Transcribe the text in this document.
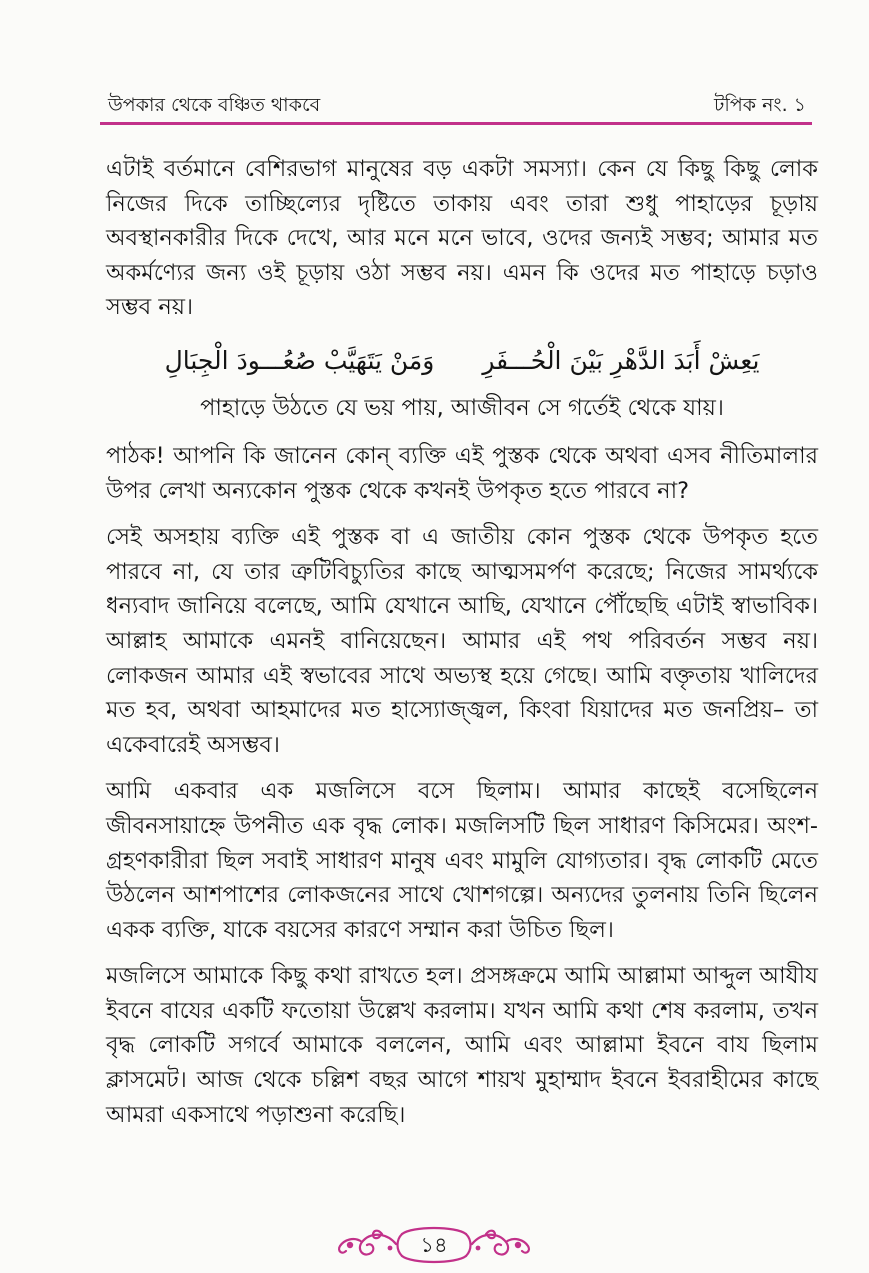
উপকার থেকে বঞ্চিত থাকবে	টপিক নং. ১

এটাই বর্তমানে বেশিরভাগ মানুষের বড় একটা সমস্যা। কেন যে কিছু কিছু লোক নিজের দিকে তাচ্ছিল্যের দৃষ্টিতে তাকায় এবং তারা শুধু পাহাড়ের চূড়ায় অবস্থানকারীর দিকে দেখে, আর মনে মনে ভাবে, ওদের জন্যই সম্ভব; আমার মত অকর্মণ্যের জন্য ওই চূড়ায় ওঠা সম্ভব নয়। এমন কি ওদের মত পাহাড়ে চড়াও সম্ভব নয়।

يَعِشْ أَبَدَ الدَّهْرِ بَيْنَ الْحُـــفَرِوَمَنْ يَتَهَيَّبْ صُعُـــودَ الْجِبَالِ
পাহাড়ে উঠতে যে ভয় পায়, আজীবন সে গর্তেই থেকে যায়।

পাঠক! আপনি কি জানেন কোন্ ব্যক্তি এই পুস্তক থেকে অথবা এসব নীতিমালার উপর লেখা অন্যকোন পুস্তক থেকে কখনই উপকৃত হতে পারবে না?

সেই অসহায় ব্যক্তি এই পুস্তক বা এ জাতীয় কোন পুস্তক থেকে উপকৃত হতে পারবে না, যে তার ত্রুটিবিচ্যুতির কাছে আত্মসমর্পণ করেছে; নিজের সামর্থ্যকে ধন্যবাদ জানিয়ে বলেছে, আমি যেখানে আছি, যেখানে পৌঁছেছি এটাই স্বাভাবিক। আল্লাহ আমাকে এমনই বানিয়েছেন। আমার এই পথ পরিবর্তন সম্ভব নয়। লোকজন আমার এই স্বভাবের সাথে অভ্যস্থ হয়ে গেছে। আমি বক্তৃতায় খালিদের মত হব, অথবা আহমাদের মত হাস্যোজ্জ্বল, কিংবা যিয়াদের মত জনপ্রিয়– তা একেবারেই অসম্ভব।

আমি একবার এক মজলিসে বসে ছিলাম। আমার কাছেই বসেছিলেন জীবনসায়াহ্নে উপনীত এক বৃদ্ধ লোক। মজলিসটি ছিল সাধারণ কিসিমের। অংশ-গ্রহণকারীরা ছিল সবাই সাধারণ মানুষ এবং মামুলি যোগ্যতার। বৃদ্ধ লোকটি মেতে উঠলেন আশপাশের লোকজনের সাথে খোশগল্পে। অন্যদের তুলনায় তিনি ছিলেন একক ব্যক্তি, যাকে বয়সের কারণে সম্মান করা উচিত ছিল।

মজলিসে আমাকে কিছু কথা রাখতে হল। প্রসঙ্গক্রমে আমি আল্লামা আব্দুল আযীয ইবনে বাযের একটি ফতোয়া উল্লেখ করলাম। যখন আমি কথা শেষ করলাম, তখন বৃদ্ধ লোকটি সগর্বে আমাকে বললেন, আমি এবং আল্লামা ইবনে বায ছিলাম ক্লাসমেট। আজ থেকে চল্লিশ বছর আগে শায়খ মুহাম্মাদ ইবনে ইবরাহীমের কাছে আমরা একসাথে পড়াশুনা করেছি।

১৪
